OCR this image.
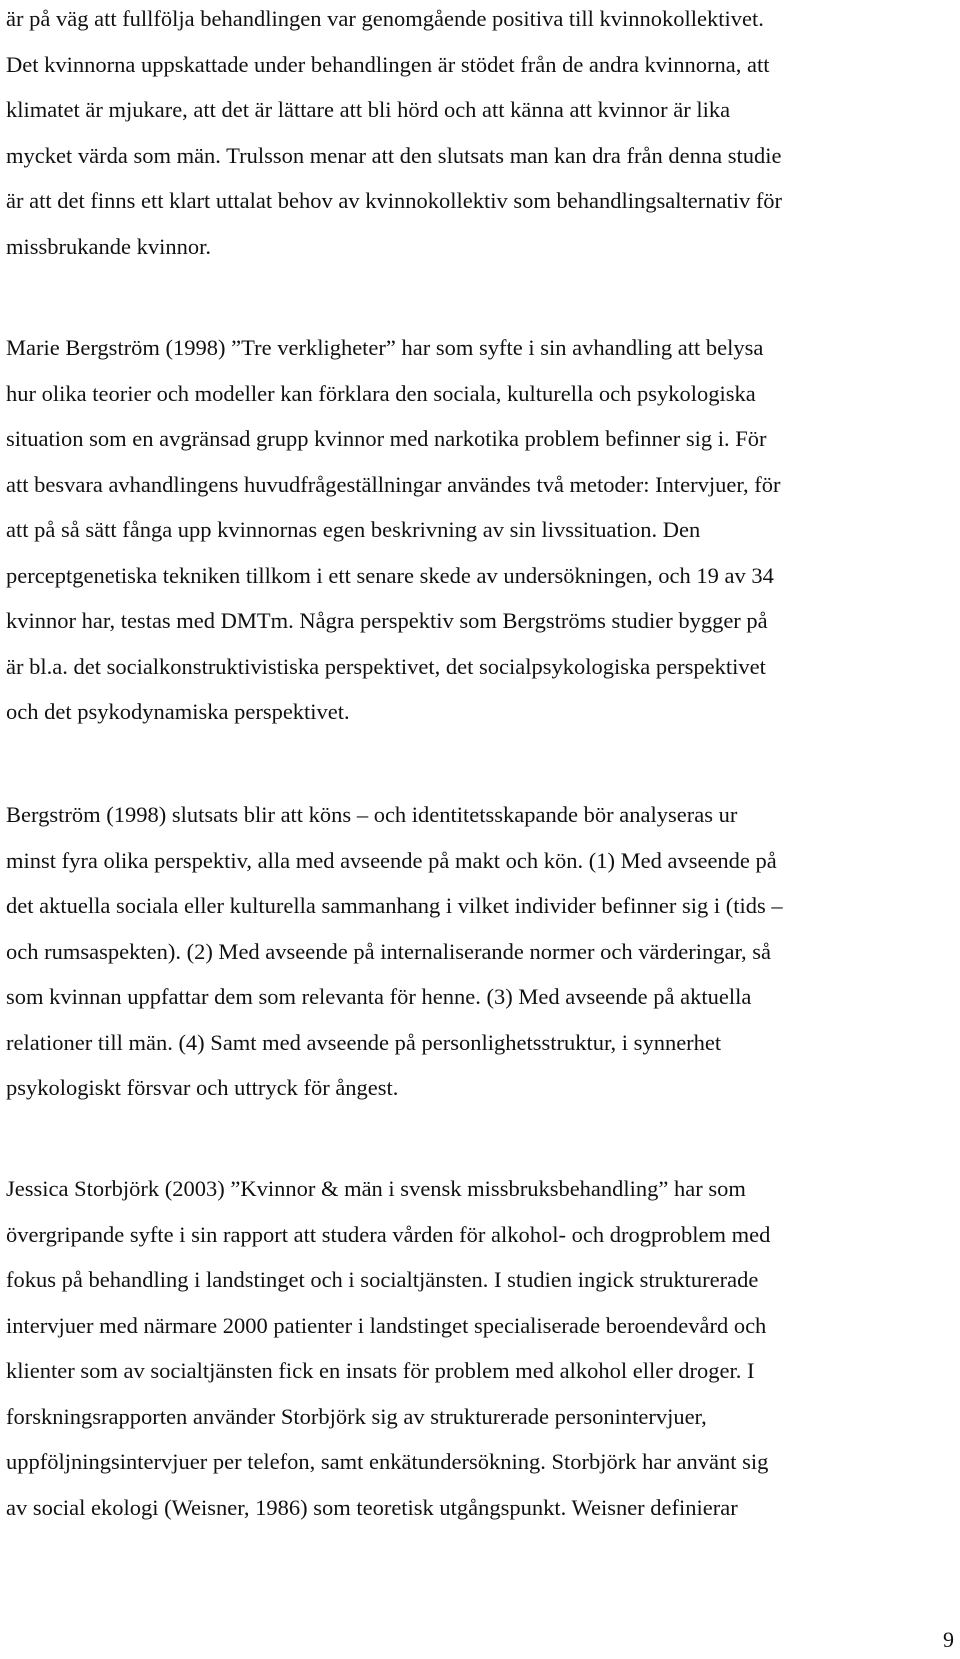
är på väg att fullfölja behandlingen var genomgående positiva till kvinnokollektivet.
Det kvinnorna uppskattade under behandlingen är stödet från de andra kvinnorna, att
klimatet är mjukare, att det är lättare att bli hörd och att känna att kvinnor är lika
mycket värda som män. Trulsson menar att den slutsats man kan dra från denna studie
är att det finns ett klart uttalat behov av kvinnokollektiv som behandlingsalternativ för
missbrukande kvinnor.
Marie Bergström (1998) ”Tre verkligheter” har som syfte i sin avhandling att belysa
hur olika teorier och modeller kan förklara den sociala, kulturella och psykologiska
situation som en avgränsad grupp kvinnor med narkotika problem befinner sig i. För
att besvara avhandlingens huvudfrågeställningar användes två metoder: Intervjuer, för
att på så sätt fånga upp kvinnornas egen beskrivning av sin livssituation. Den
perceptgenetiska tekniken tillkom i ett senare skede av undersökningen, och 19 av 34
kvinnor har, testas med DMTm. Några perspektiv som Bergströms studier bygger på
är bl.a. det socialkonstruktivistiska perspektivet, det socialpsykologiska perspektivet
och det psykodynamiska perspektivet.
Bergström (1998) slutsats blir att köns – och identitetsskapande bör analyseras ur
minst fyra olika perspektiv, alla med avseende på makt och kön. (1) Med avseende på
det aktuella sociala eller kulturella sammanhang i vilket individer befinner sig i (tids –
och rumsaspekten). (2) Med avseende på internaliserande normer och värderingar, så
som kvinnan uppfattar dem som relevanta för henne. (3) Med avseende på aktuella
relationer till män. (4) Samt med avseende på personlighetsstruktur, i synnerhet
psykologiskt försvar och uttryck för ångest.
Jessica Storbjörk (2003) ”Kvinnor & män i svensk missbruksbehandling” har som
övergripande syfte i sin rapport att studera vården för alkohol- och drogproblem med
fokus på behandling i landstinget och i socialtjänsten. I studien ingick strukturerade
intervjuer med närmare 2000 patienter i landstinget specialiserade beroendevård och
klienter som av socialtjänsten fick en insats för problem med alkohol eller droger. I
forskningsrapporten använder Storbjörk sig av strukturerade personintervjuer,
uppföljningsintervjuer per telefon, samt enkätundersökning. Storbjörk har använt sig
av social ekologi (Weisner, 1986) som teoretisk utgångspunkt. Weisner definierar
9
